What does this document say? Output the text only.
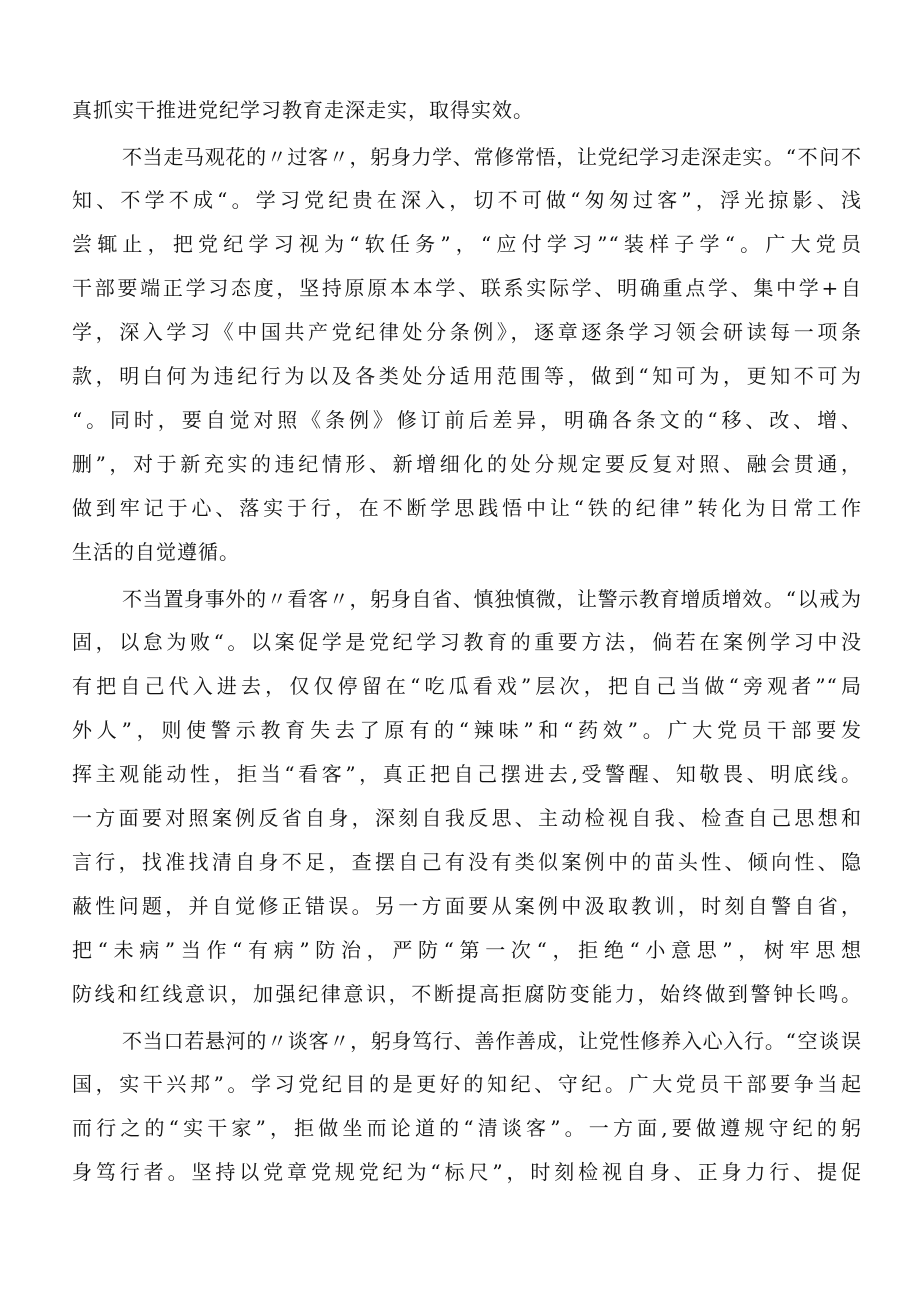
真抓实干推进党纪学习教育走深走实，取得实效。
不当走马观花的〃过客〃，躬身力学、常修常悟，让党纪学习走深走实。“不问不
知、不学不成“。学习党纪贵在深入，切不可做“匆匆过客”，浮光掠影、浅
尝辄止，把党纪学习视为“软任务”，“应付学习”“装样子学“。广大党员
干部要端正学习态度，坚持原原本本学、联系实际学、明确重点学、集中学+自
学，深入学习《中国共产党纪律处分条例》，逐章逐条学习领会研读每一项条
款，明白何为违纪行为以及各类处分适用范围等，做到“知可为，更知不可为
“。同时，要自觉对照《条例》修订前后差异，明确各条文的“移、改、增、
删”，对于新充实的违纪情形、新增细化的处分规定要反复对照、融会贯通，
做到牢记于心、落实于行，在不断学思践悟中让“铁的纪律”转化为日常工作
生活的自觉遵循。
不当置身事外的〃看客〃，躬身自省、慎独慎微，让警示教育增质增效。“以戒为
固，以怠为败“。以案促学是党纪学习教育的重要方法，倘若在案例学习中没
有把自己代入进去，仅仅停留在“吃瓜看戏”层次，把自己当做“旁观者”“局
外人”，则使警示教育失去了原有的“辣味”和“药效”。广大党员干部要发
挥主观能动性，拒当“看客”，真正把自己摆进去,受警醒、知敬畏、明底线。
一方面要对照案例反省自身，深刻自我反思、主动检视自我、检查自己思想和
言行，找准找清自身不足，查摆自己有没有类似案例中的苗头性、倾向性、隐
蔽性问题，并自觉修正错误。另一方面要从案例中汲取教训，时刻自警自省，
把“未病”当作“有病”防治，严防“第一次“，拒绝“小意思”，树牢思想
防线和红线意识，加强纪律意识，不断提高拒腐防变能力，始终做到警钟长鸣。
不当口若悬河的〃谈客〃，躬身笃行、善作善成，让党性修养入心入行。“空谈误
国，实干兴邦”。学习党纪目的是更好的知纪、守纪。广大党员干部要争当起
而行之的“实干家”，拒做坐而论道的“清谈客”。一方面,要做遵规守纪的躬
身笃行者。坚持以党章党规党纪为“标尺”，时刻检视自身、正身力行、提促
